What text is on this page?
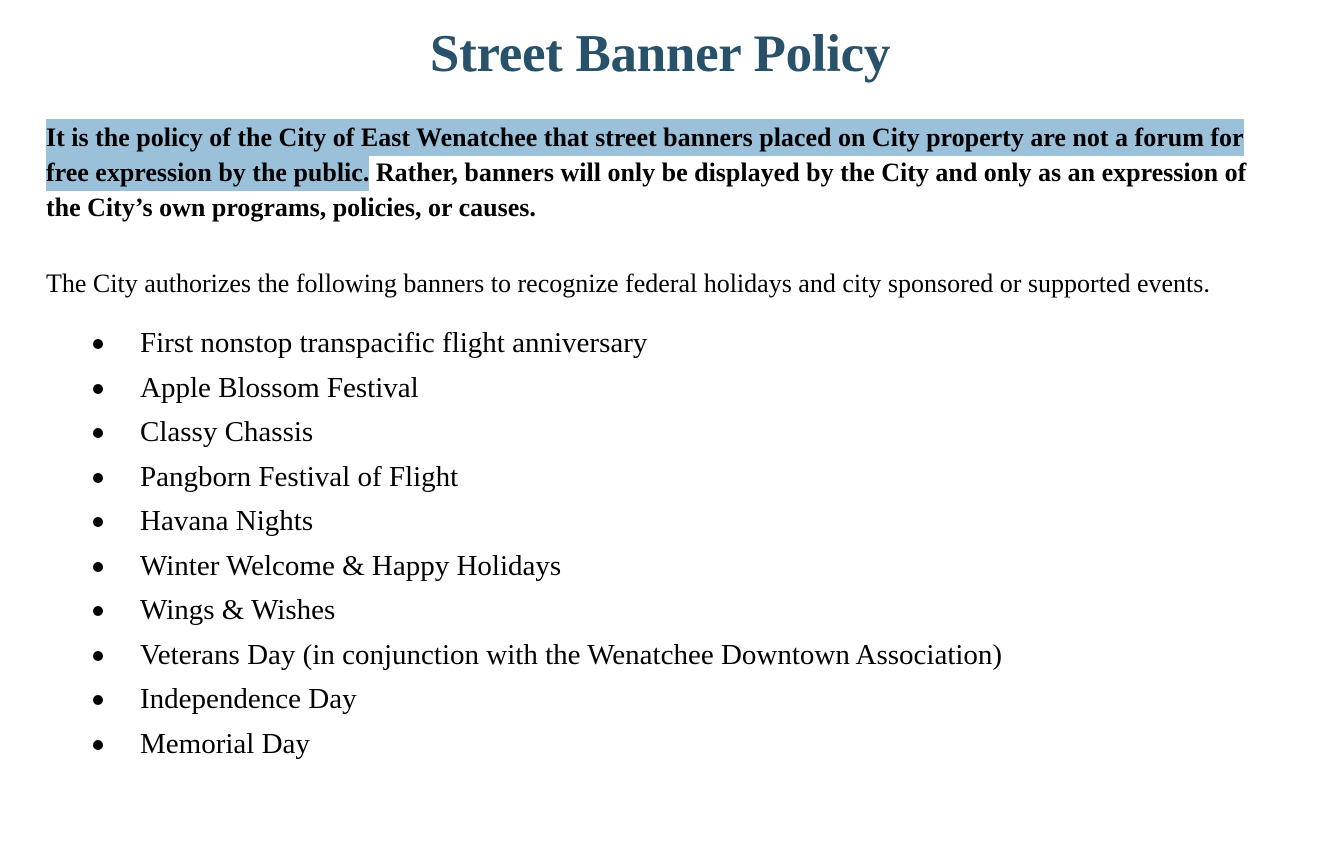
Street Banner Policy

It is the policy of the City of East Wenatchee that street banners placed on City property are not a forum for free expression by the public. Rather, banners will only be displayed by the City and only as an expression of the City’s own programs, policies, or causes.

The City authorizes the following banners to recognize federal holidays and city sponsored or supported events.

First nonstop transpacific flight anniversary
Apple Blossom Festival
Classy Chassis
Pangborn Festival of Flight
Havana Nights
Winter Welcome & Happy Holidays
Wings & Wishes
Veterans Day (in conjunction with the Wenatchee Downtown Association)
Independence Day
Memorial Day
